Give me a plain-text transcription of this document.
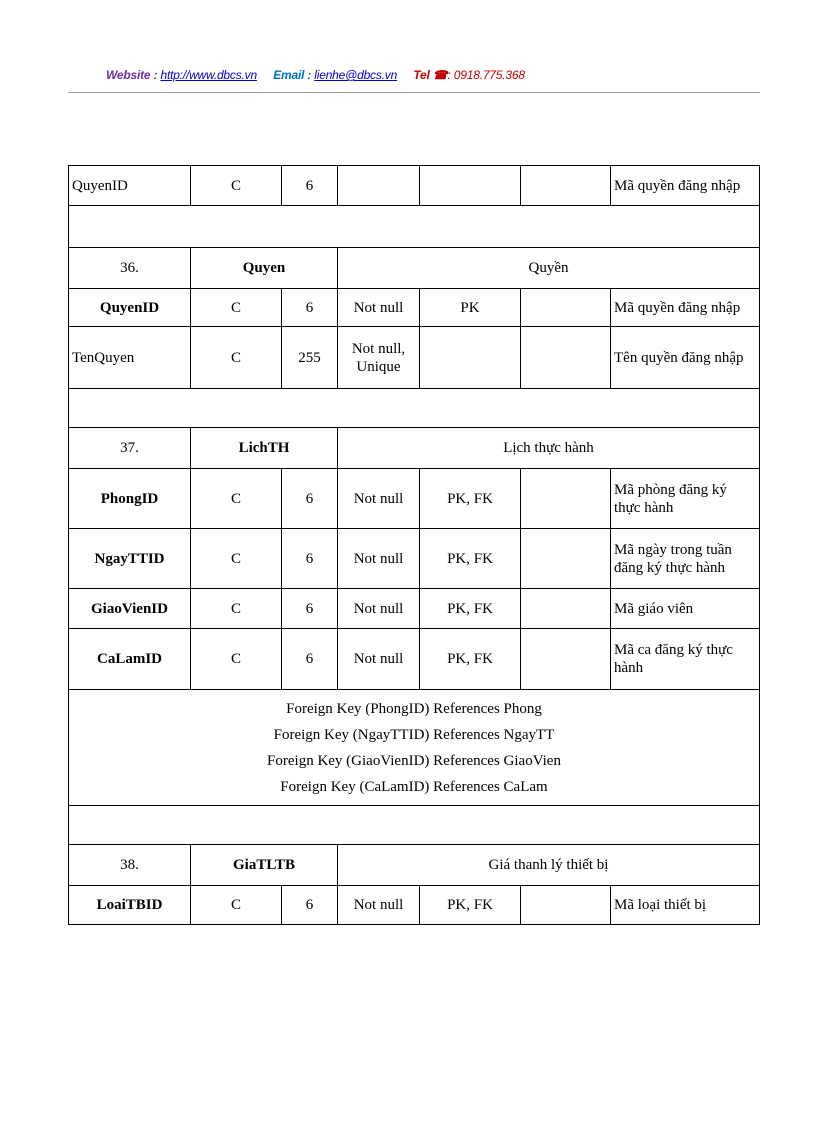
Website : http://www.dbcs.vn Email : lienhe@dbcs.vn Tel ☎: 0918.775.368
QuyenID	C	6				Mã quyền đăng nhập

36.	Quyen		Quyền			
QuyenID	C	6	Not null	PK		Mã quyền đăng nhập
TenQuyen	C	255	Not null, Unique			Tên quyền đăng nhập

37.	LichTH		Lịch thực hành			
PhongID	C	6	Not null	PK, FK		Mã phòng đăng ký thực hành
NgayTTID	C	6	Not null	PK, FK		Mã ngày trong tuần đăng ký thực hành
GiaoVienID	C	6	Not null	PK, FK		Mã giáo viên
CaLamID	C	6	Not null	PK, FK		Mã ca đăng ký thực hành

Foreign Key (PhongID) References Phong
Foreign Key (NgayTTID) References NgayTT
Foreign Key (GiaoVienID) References GiaoVien
Foreign Key (CaLamID) References CaLam						

38.	GiaTLTB		Giá thanh lý thiết bị			
LoaiTBID	C	6	Not null	PK, FK		Mã loại thiết bị
